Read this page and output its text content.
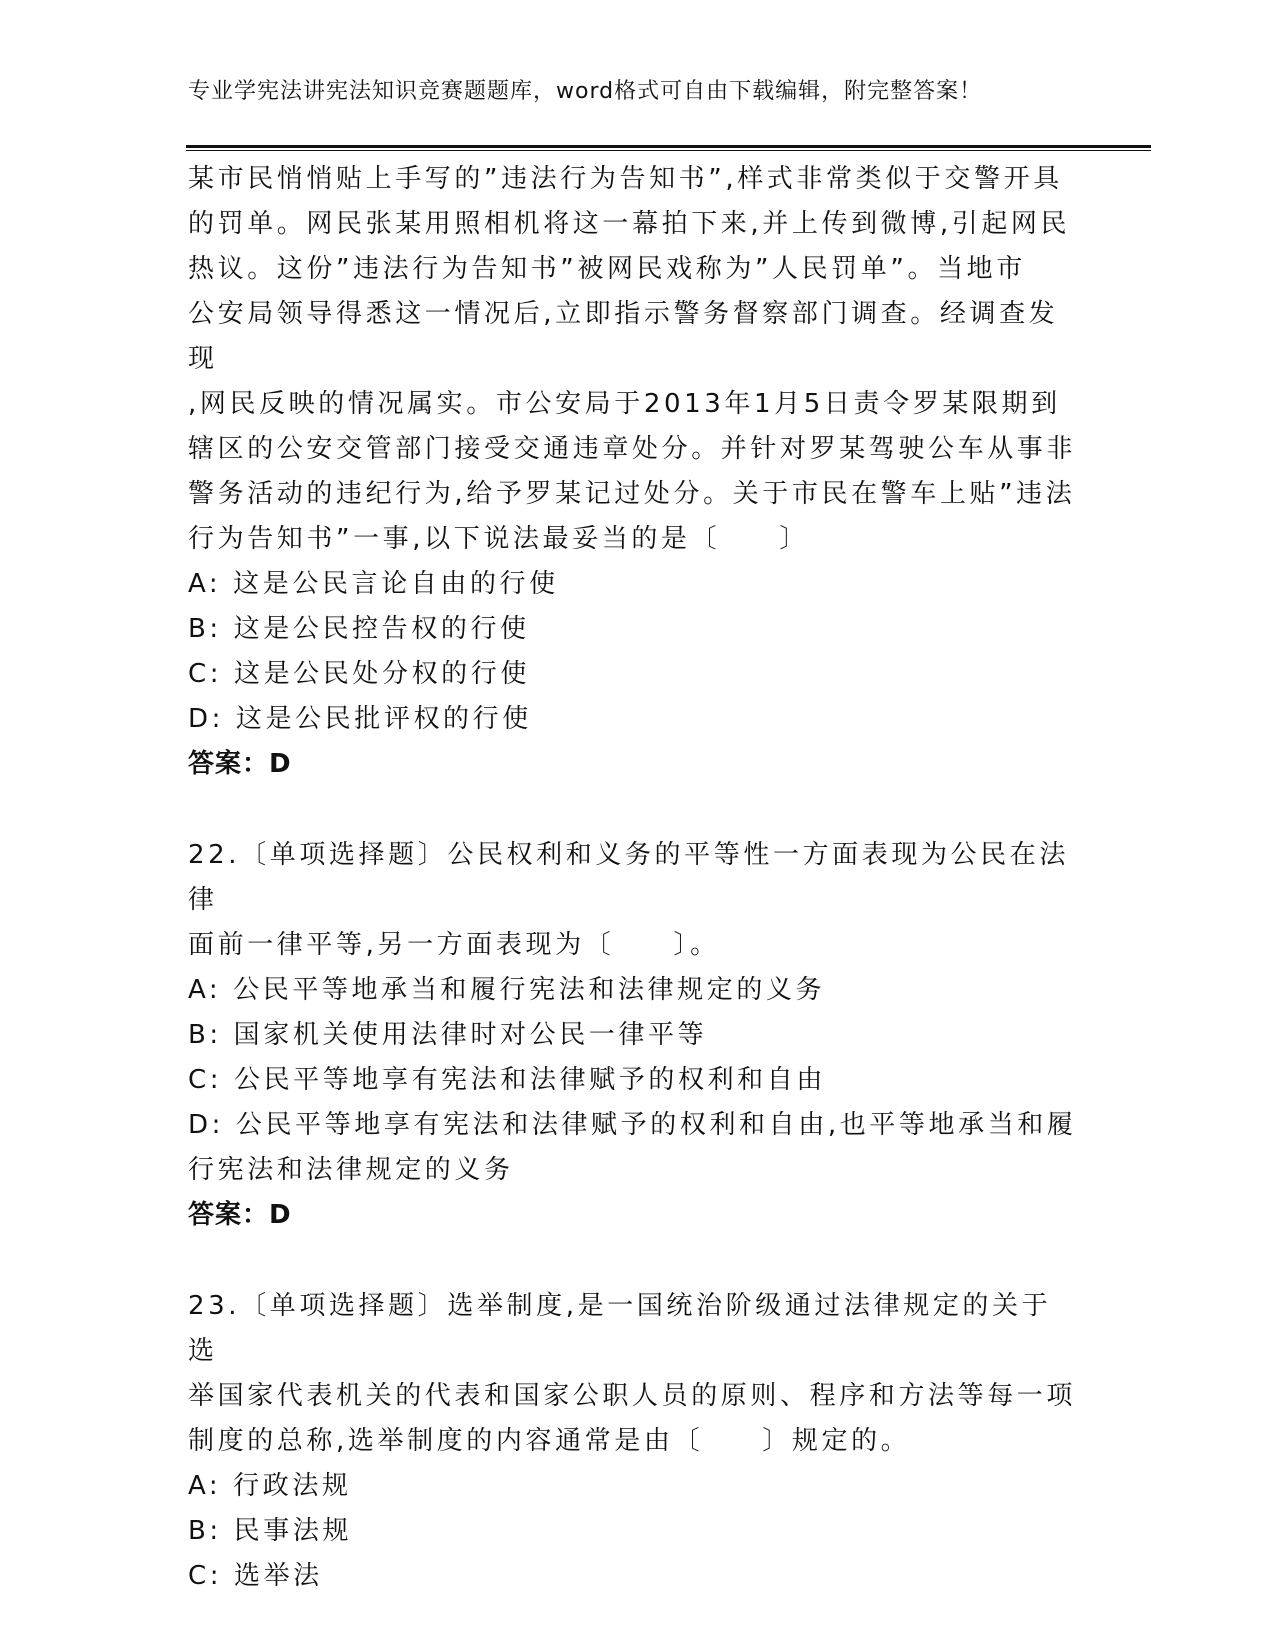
专业学宪法讲宪法知识竞赛题题库，word格式可自由下载编辑，附完整答案！

某市民悄悄贴上手写的”违法行为告知书”,样式非常类似于交警开具

的罚单。网民张某用照相机将这一幕拍下来,并上传到微博,引起网民

热议。这份”违法行为告知书”被网民戏称为”人民罚单”。当地市

公安局领导得悉这一情况后,立即指示警务督察部门调查。经调查发现

,网民反映的情况属实。市公安局于2013年1月5日责令罗某限期到

辖区的公安交管部门接受交通违章处分。并针对罗某驾驶公车从事非

警务活动的违纪行为,给予罗某记过处分。关于市民在警车上贴”违法

行为告知书”一事,以下说法最妥当的是〔　　〕

A: 这是公民言论自由的行使

B: 这是公民控告权的行使

C: 这是公民处分权的行使

D: 这是公民批评权的行使

答案：D

22.〔单项选择题〕公民权利和义务的平等性一方面表现为公民在法律

面前一律平等,另一方面表现为〔　　〕。

A: 公民平等地承当和履行宪法和法律规定的义务

B: 国家机关使用法律时对公民一律平等

C: 公民平等地享有宪法和法律赋予的权利和自由

D: 公民平等地享有宪法和法律赋予的权利和自由,也平等地承当和履

行宪法和法律规定的义务

答案：D

23.〔单项选择题〕选举制度,是一国统治阶级通过法律规定的关于选

举国家代表机关的代表和国家公职人员的原则、程序和方法等每一项

制度的总称,选举制度的内容通常是由〔　　〕规定的。

A: 行政法规

B: 民事法规

C: 选举法
